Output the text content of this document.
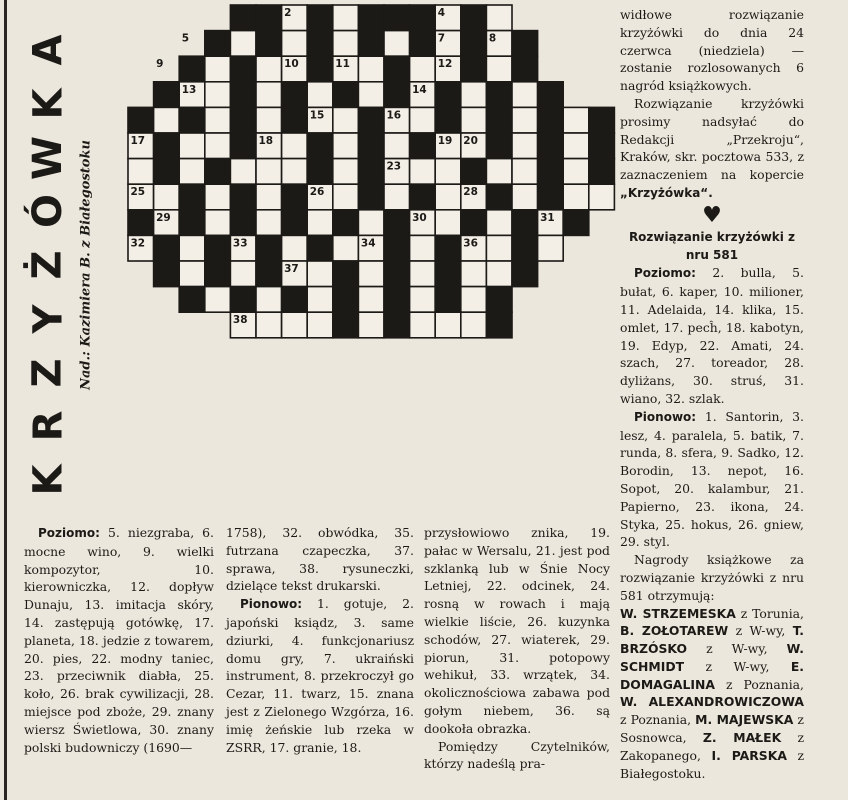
A
K
W
Ó
Ż
Y
Z
R
K
Nad.: Kazimiera B. z Białegostoku
1	2	3	4
5	6	7	8
9	10	11	12
13	14
15	16
17	18	19 20 21
22	23	24
25	26	27	28
29	30	31
32	33	34	35 36
37
38

Poziomo: 5. niezgraba, 6. mocne wino, 9. wielki kompozytor, 10. kierowniczka, 12. dopływ Dunaju, 13. imitacja skóry, 14. zastępują gotówkę, 17. planeta, 18. jedzie z towarem, 20. pies, 22. modny taniec, 23. przeciwnik diabła, 25. koło, 26. brak cywilizacji, 28. miejsce pod zboże, 29. znany wiersz Świetlowa, 30. znany polski budowniczy (1690—

1758), 32. obwódka, 35. futrzana czapeczka, 37. sprawa, 38. rysuneczki, dzielące tekst drukarski.

Pionowo: 1. gotuje, 2. japoński ksiądz, 3. same dziurki, 4. funkcjonariusz domu gry, 7. ukraiński instrument, 8. przekroczył go Cezar, 11. twarz, 15. znana jest z Zielonego Wzgórza, 16. imię żeńskie lub rzeka w ZSRR, 17. granie, 18.

przysłowiowo znika, 19. pałac w Wersalu, 21. jest pod szklanką lub w Śnie Nocy Letniej, 22. odcinek, 24. rosną w rowach i mają wielkie liście, 26. kuzynka schodów, 27. wiaterek, 29. piorun, 31. potopowy wehikuł, 33. wrzątek, 34. okolicznościowa zabawa pod gołym niebem, 36. są dookoła obrazka.

Pomiędzy Czytelników, którzy nadeślą pra-

widłowe rozwiązanie krzyżówki do dnia 24 czerwca (niedziela) — zostanie rozlosowanych 6 nagród książkowych.

Rozwiązanie krzyżówki prosimy nadsyłać do Redakcji „Przekroju“, Kraków, skr. pocztowa 533, z zaznaczeniem na kopercie „Krzyżówka“.

♥

Rozwiązanie krzyżówki z nru 581

Poziomo: 2. bulla, 5. bułat, 6. kaper, 10. milioner, 11. Adelaida, 14. klika, 15. omlet, 17. pecĥ, 18. kabotyn, 19. Edyp, 22. Amati, 24. szach, 27. toreador, 28. dyliżans, 30. struś, 31. wiano, 32. szlak.

Pionowo: 1. Santorin, 3. lesz, 4. paralela, 5. batik, 7. runda, 8. sfera, 9. Sadko, 12. Borodin, 13. nepot, 16. Sopot, 20. kalambur, 21. Papierno, 23. ikona, 24. Styka, 25. hokus, 26. gniew, 29. styl.

Nagrody książkowe za rozwiązanie krzyżówki z nru 581 otrzymują:

W. STRZEMESKA z Torunia, B. ZOŁOTAREW z W-wy, T. BRZÓSKO z W-wy, W. SCHMIDT z W-wy, E. DOMAGALINA z Poznania, W. ALEXANDROWICZOWA z Poznania, M. MAJEWSKA z Sosnowca, Z. MAŁEK z Zakopanego, I. PARSKA z Białegostoku.
